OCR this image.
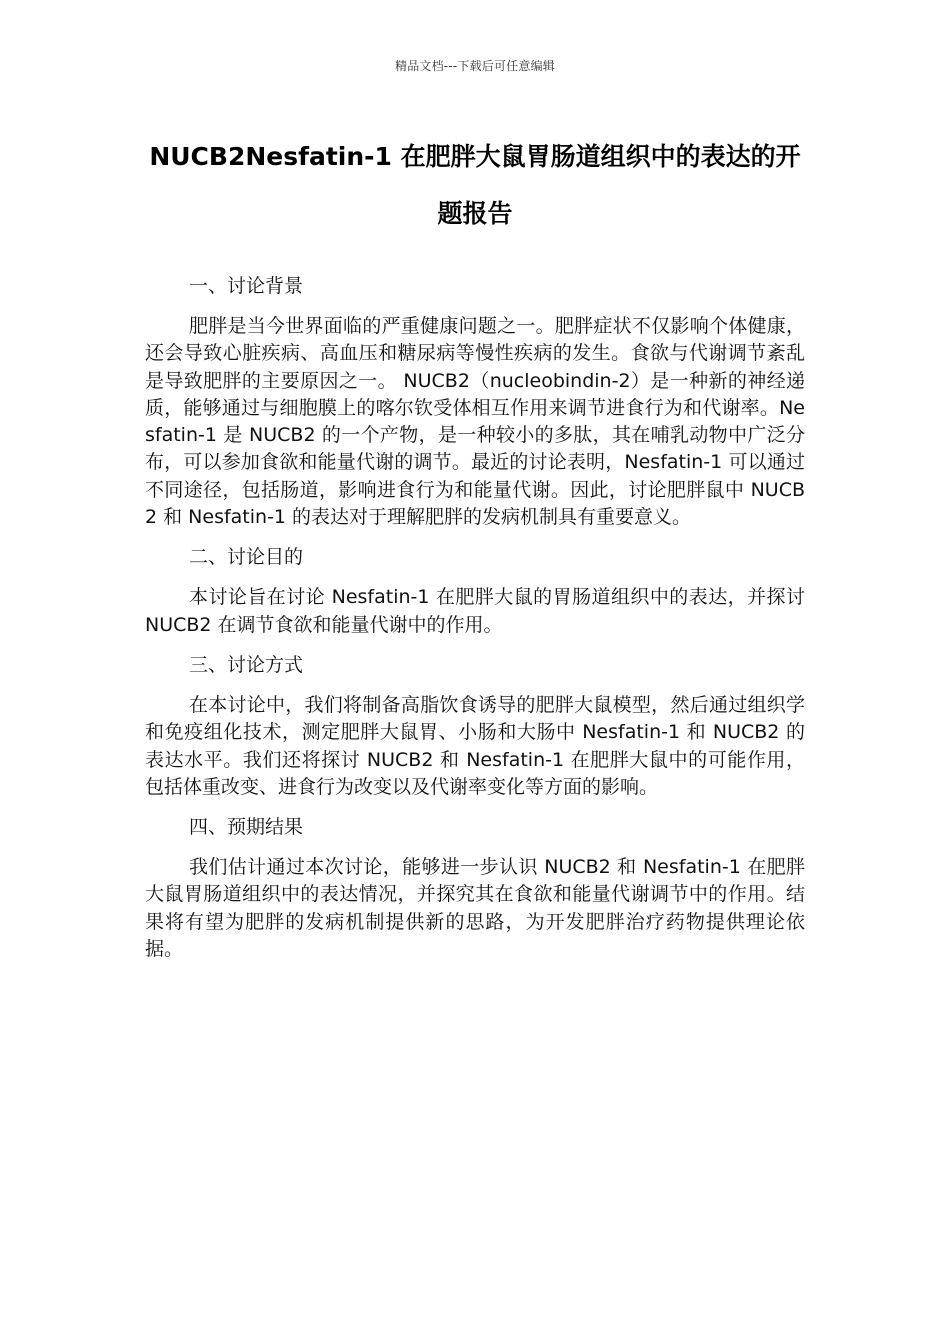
精品文档---下载后可任意编辑
NUCB2Nesfatin-1 在肥胖大鼠胃肠道组织中的表达的开题报告
一、讨论背景

肥胖是当今世界面临的严重健康问题之一。肥胖症状不仅影响个体健康，还会导致心脏疾病、高血压和糖尿病等慢性疾病的发生。食欲与代谢调节紊乱是导致肥胖的主要原因之一。 NUCB2（nucleobindin-2）是一种新的神经递质，能够通过与细胞膜上的喀尔钦受体相互作用来调节进食行为和代谢率。Nesfatin-1 是 NUCB2 的一个产物，是一种较小的多肽，其在哺乳动物中广泛分布，可以参加食欲和能量代谢的调节。最近的讨论表明，Nesfatin-1 可以通过不同途径，包括肠道，影响进食行为和能量代谢。因此，讨论肥胖鼠中 NUCB2 和 Nesfatin-1 的表达对于理解肥胖的发病机制具有重要意义。

二、讨论目的

本讨论旨在讨论 Nesfatin-1 在肥胖大鼠的胃肠道组织中的表达，并探讨 NUCB2 在调节食欲和能量代谢中的作用。

三、讨论方式

在本讨论中，我们将制备高脂饮食诱导的肥胖大鼠模型，然后通过组织学和免疫组化技术，测定肥胖大鼠胃、小肠和大肠中 Nesfatin-1 和 NUCB2 的表达水平。我们还将探讨 NUCB2 和 Nesfatin-1 在肥胖大鼠中的可能作用，包括体重改变、进食行为改变以及代谢率变化等方面的影响。

四、预期结果

我们估计通过本次讨论，能够进一步认识 NUCB2 和 Nesfatin-1 在肥胖大鼠胃肠道组织中的表达情况，并探究其在食欲和能量代谢调节中的作用。结果将有望为肥胖的发病机制提供新的思路，为开发肥胖治疗药物提供理论依据。
